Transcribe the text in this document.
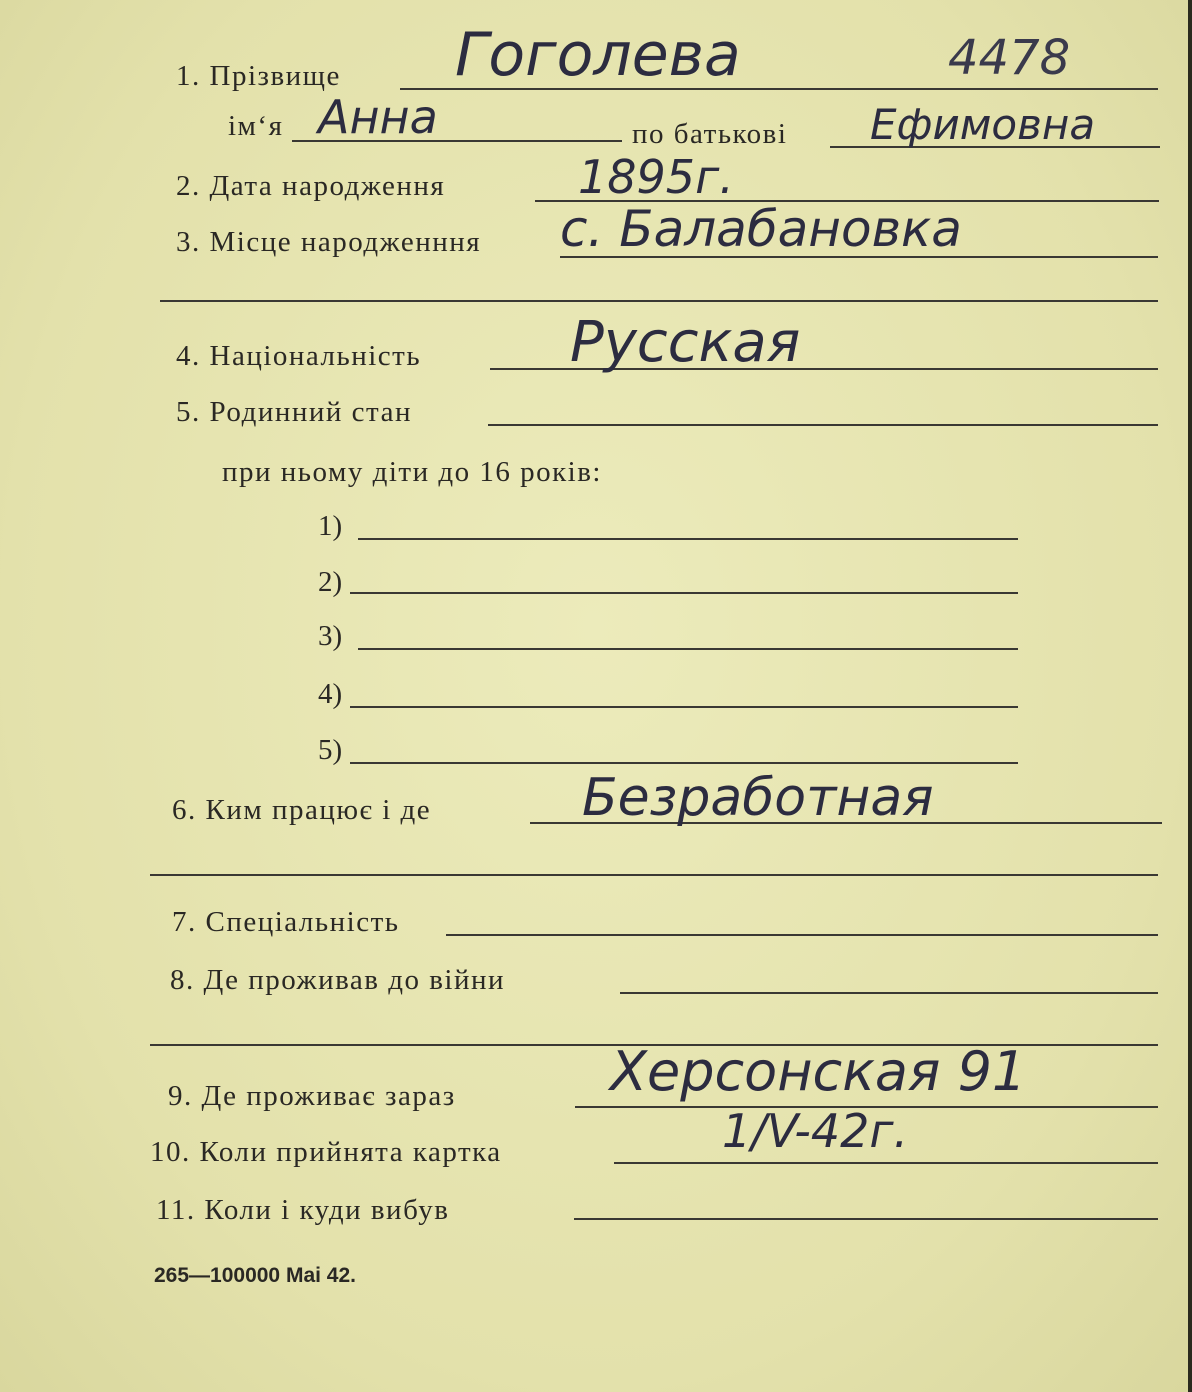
1. Прізвище Гоголева	4478
ім‘я Анна	по батькові Ефимовна
2. Дата народження	1895г.
3. Місце народженння с. Балабановка
4. Національність	Русская
5. Родинний стан
при ньому діти до 16 років:
1)
2)
3)
4)
5)
6. Ким працює і де	Безработная
7. Спеціальність
8. Де проживав до війни
9. Де проживає зараз	Херсонская 91
10. Коли прийнята картка	1/V-42г.
11. Коли і куди вибув
265—100000 Mai 42.
